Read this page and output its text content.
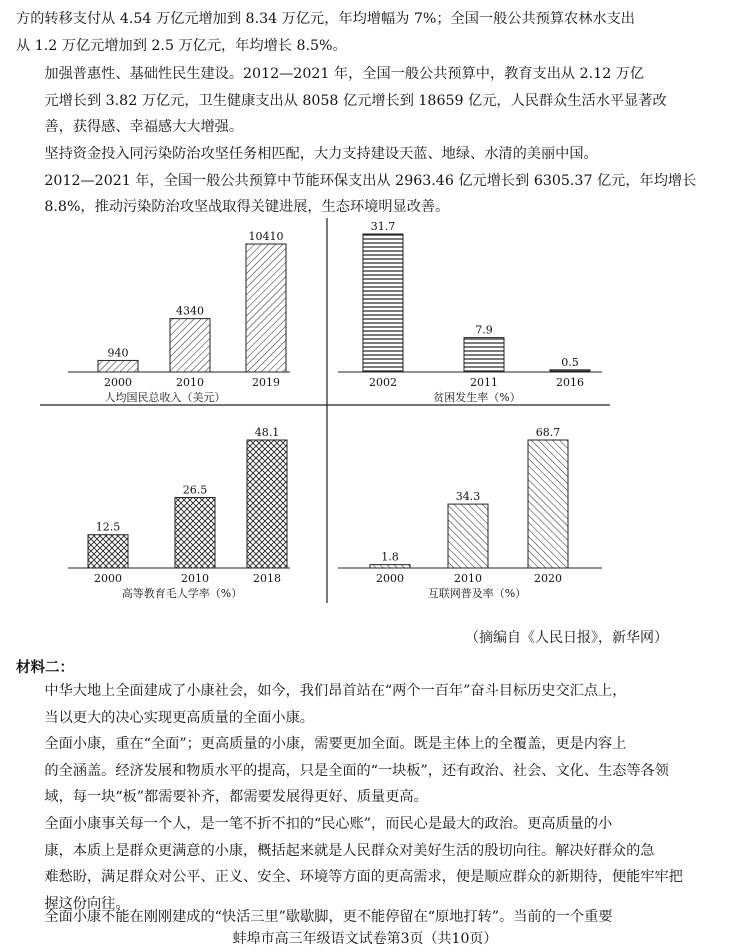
方的转移支付从 4.54 万亿元增加到 8.34 万亿元，年均增幅为 7%；全国一般公共预算农林水支出
从 1.2 万亿元增加到 2.5 万亿元，年均增长 8.5%。

加强普惠性、基础性民生建设。2012—2021 年，全国一般公共预算中，教育支出从 2.12 万亿
元增长到 3.82 万亿元，卫生健康支出从 8058 亿元增长到 18659 亿元，人民群众生活水平显著改
善，获得感、幸福感大大增强。

坚持资金投入同污染防治攻坚任务相匹配，大力支持建设天蓝、地绿、水清的美丽中国。
2012—2021 年，全国一般公共预算中节能环保支出从 2963.46 亿元增长到 6305.37 亿元，年均增长
8.8%，推动污染防治攻坚战取得关键进展，生态环境明显改善。

940
2000
4340
2010
10410
2019
人均国民总收入（美元）
31.7
2002
7.9
2011
0.5
2016
贫困发生率（%）
12.5
2000
26.5
2010
48.1
2018
高等教育毛人学率（%）
1.8
2000
34.3
2010
68.7
2020
互联网普及率（%）
（摘编自《人民日报》，新华网）
材料二：

中华大地上全面建成了小康社会，如今，我们昂首站在“两个一百年”奋斗目标历史交汇点上，
当以更大的决心实现更高质量的全面小康。

全面小康，重在“全面”；更高质量的小康，需要更加全面。既是主体上的全覆盖，更是内容上
的全涵盖。经济发展和物质水平的提高，只是全面的“一块板”，还有政治、社会、文化、生态等各领
域，每一块“板”都需要补齐，都需要发展得更好、质量更高。

全面小康事关每一个人，是一笔不折不扣的“民心账”，而民心是最大的政治。更高质量的小
康，本质上是群众更满意的小康，概括起来就是人民群众对美好生活的殷切向往。解决好群众的急
难愁盼，满足群众对公平、正义、安全、环境等方面的更高需求，便是顺应群众的新期待，便能牢牢把
握这份向往。

全面小康不能在刚刚建成的“快活三里”歇歇脚，更不能停留在“原地打转”。当前的一个重要

蚌埠市高三年级语文试卷第3页（共10页）
